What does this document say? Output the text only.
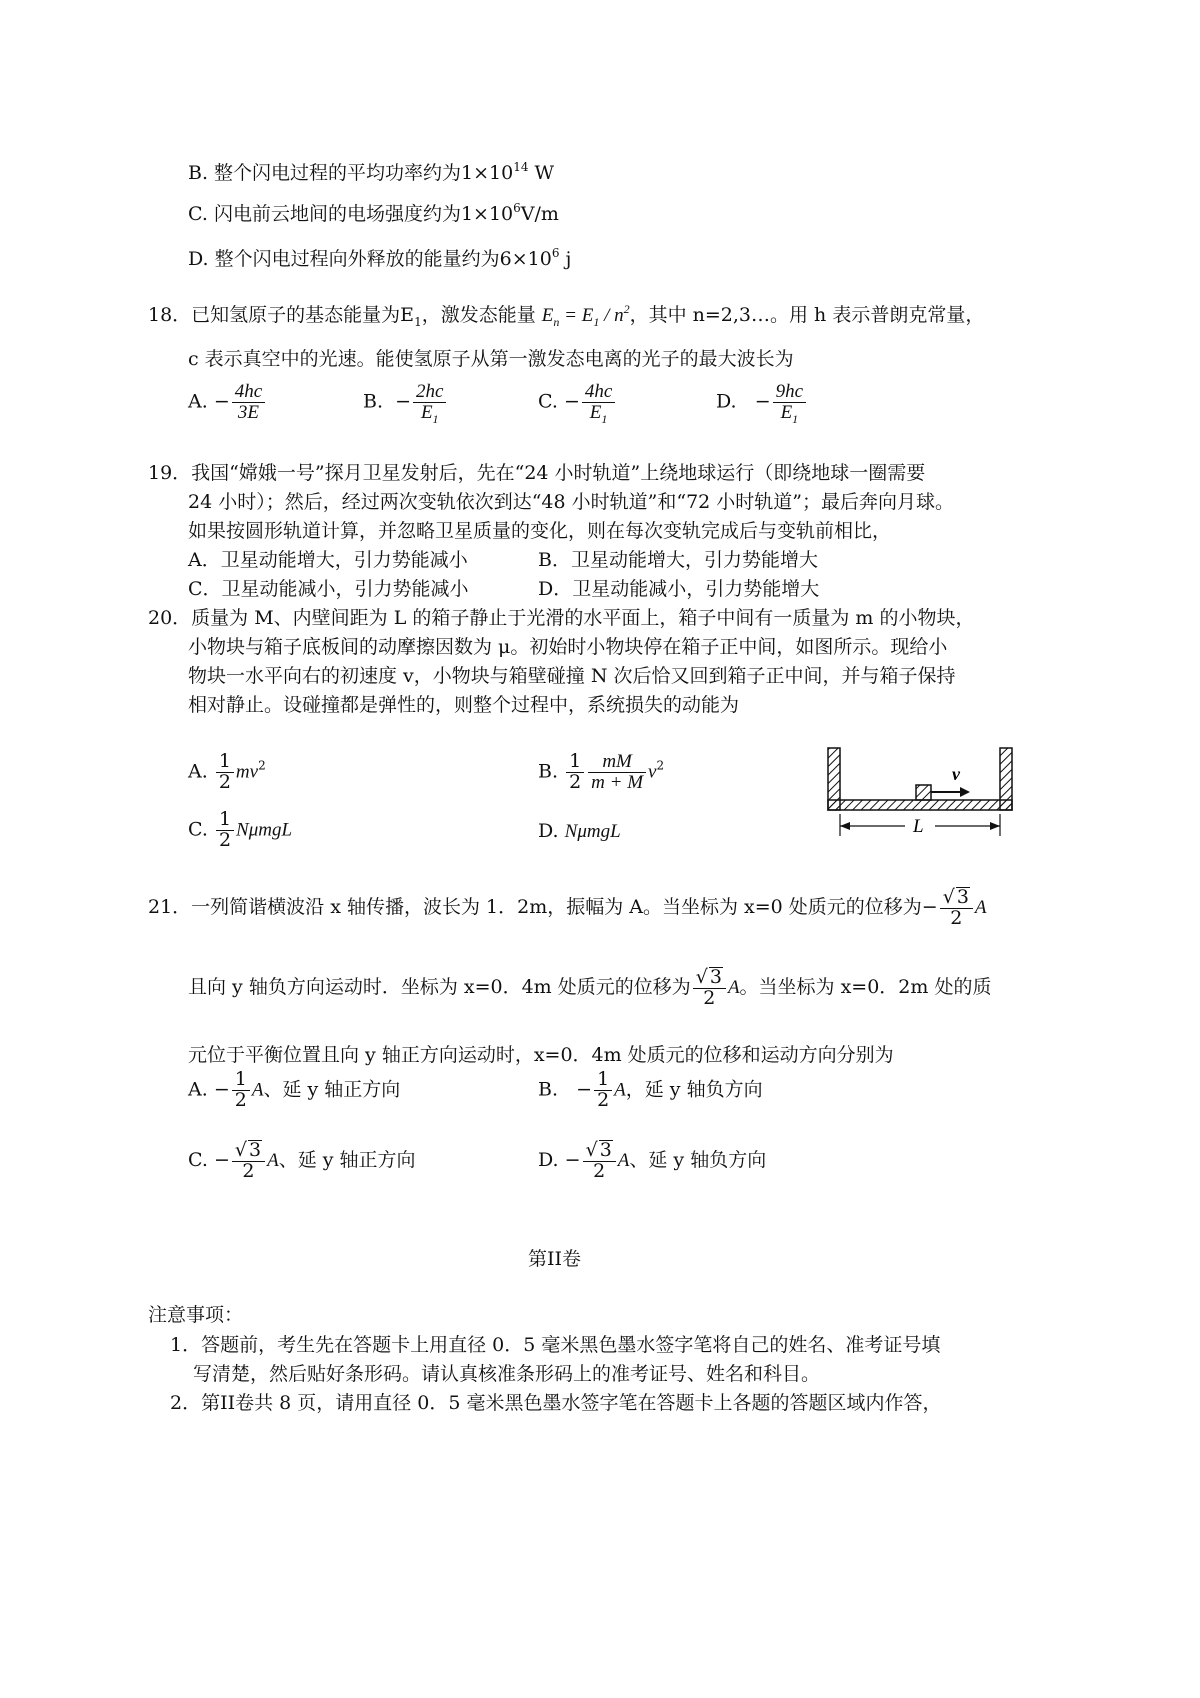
B. 整个闪电过程的平均功率约为$1\times 10^{14}$ W
C. 闪电前云地间的电场强度约为$1\times 10^6V/m$
D. 整个闪电过程向外释放的能量约为$6\times 10^6$ j
18．已知氢原子的基态能量为$E_1$，激发态能量 $E_n = E_1 / n^2$，其中 n=2,3…。用 h 表示普朗克常量，
c 表示真空中的光速。能使氢原子从第一激发态电离的光子的最大波长为
A. − $\frac{4hc}{3E}$	B. − $\frac{2hc}{E_1}$	C. − $\frac{4hc}{E_1}$	D. − $\frac{9hc}{E_1}$
19．我国“嫦娥一号”探月卫星发射后，先在“24 小时轨道”上绕地球运行（即绕地球一圈需要
24 小时）；然后，经过两次变轨依次到达“48 小时轨道”和“72 小时轨道”；最后奔向月球。
如果按圆形轨道计算，并忽略卫星质量的变化，则在每次变轨完成后与变轨前相比，
A．卫星动能增大，引力势能减小	B．卫星动能增大，引力势能增大
C．卫星动能减小，引力势能减小	D．卫星动能减小，引力势能增大
20．质量为 M、内壁间距为 L 的箱子静止于光滑的水平面上，箱子中间有一质量为 m 的小物块，
小物块与箱子底板间的动摩擦因数为 μ。初始时小物块停在箱子正中间，如图所示。现给小
物块一水平向右的初速度 v，小物块与箱壁碰撞 N 次后恰又回到箱子正中间，并与箱子保持
相对静止。设碰撞都是弹性的，则整个过程中，系统损失的动能为
A. $\frac{1}{2} mv^2$	B. $\frac{1}{2} \frac{mM}{m + M} v^2$
C. $\frac{1}{2}$ NμmgL	D. NμmgL
v
L
21．一列简谐横波沿 x 轴传播，波长为 1．2m，振幅为 A。当坐标为 x=0 处质元的位移为− $\frac{√ 3}{2}$ A
且向 y 轴负方向运动时．坐标为 x=0．4m 处质元的位移为 $\frac{√ 3}{2}$ A。当坐标为 x=0．2m 处的质
元位于平衡位置且向 y 轴正方向运动时，x=0．4m 处质元的位移和运动方向分别为
A. − $\frac{1}{2}$ A、延 y 轴正方向	B. − $\frac{1}{2}$ A，延 y 轴负方向
C. − $\frac{√ 3}{2}$ A、延 y 轴正方向	D. − $\frac{√ 3}{2}$ A、延 y 轴负方向
第II卷
注意事项：
1．答题前，考生先在答题卡上用直径 0．5 毫米黑色墨水签字笔将自己的姓名、准考证号填
写清楚，然后贴好条形码。请认真核准条形码上的准考证号、姓名和科目。
2．第II卷共 8 页，请用直径 0．5 毫米黑色墨水签字笔在答题卡上各题的答题区域内作答，
